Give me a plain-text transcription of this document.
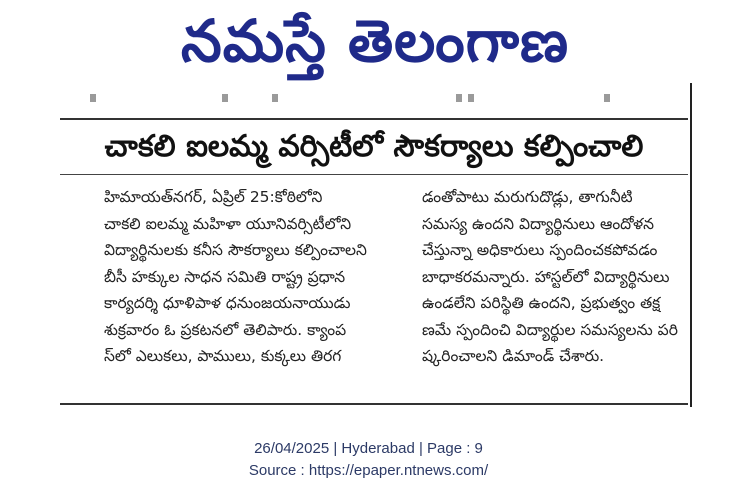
నమస్తే తెలంగాణ
చాకలి ఐలమ్మ వర్సిటీలో సౌకర్యాలు కల్పించాలి
హిమాయత్‌నగర్, ఏప్రిల్ 25:కోఠిలోని
చాకలి ఐలమ్మ మహిళా యూనివర్సిటీలోని
విద్యార్థినులకు కనీస సౌకర్యాలు కల్పించాలని
బీసీ హక్కుల సాధన సమితి రాష్ట్ర ప్రధాన
కార్యదర్శి ధూళిపాళ ధనుంజయనాయుడు
శుక్రవారం ఓ ప్రకటనలో తెలిపారు. క్యాంప
స్‌లో ఎలుకలు, పాములు, కుక్కలు తిరగ
డంతోపాటు మరుగుదొడ్లు, తాగునీటి
సమస్య ఉందని విద్యార్థినులు ఆందోళన
చేస్తున్నా అధికారులు స్పందించకపోవడం
బాధాకరమన్నారు. హాస్టల్‌లో విద్యార్థినులు
ఉండలేని పరిస్థితి ఉందని, ప్రభుత్వం తక్ష
ణమే స్పందించి విద్యార్థుల సమస్యలను పరి
ష్కరించాలని డిమాండ్ చేశారు.
26/04/2025 | Hyderabad | Page : 9
Source : https://epaper.ntnews.com/
